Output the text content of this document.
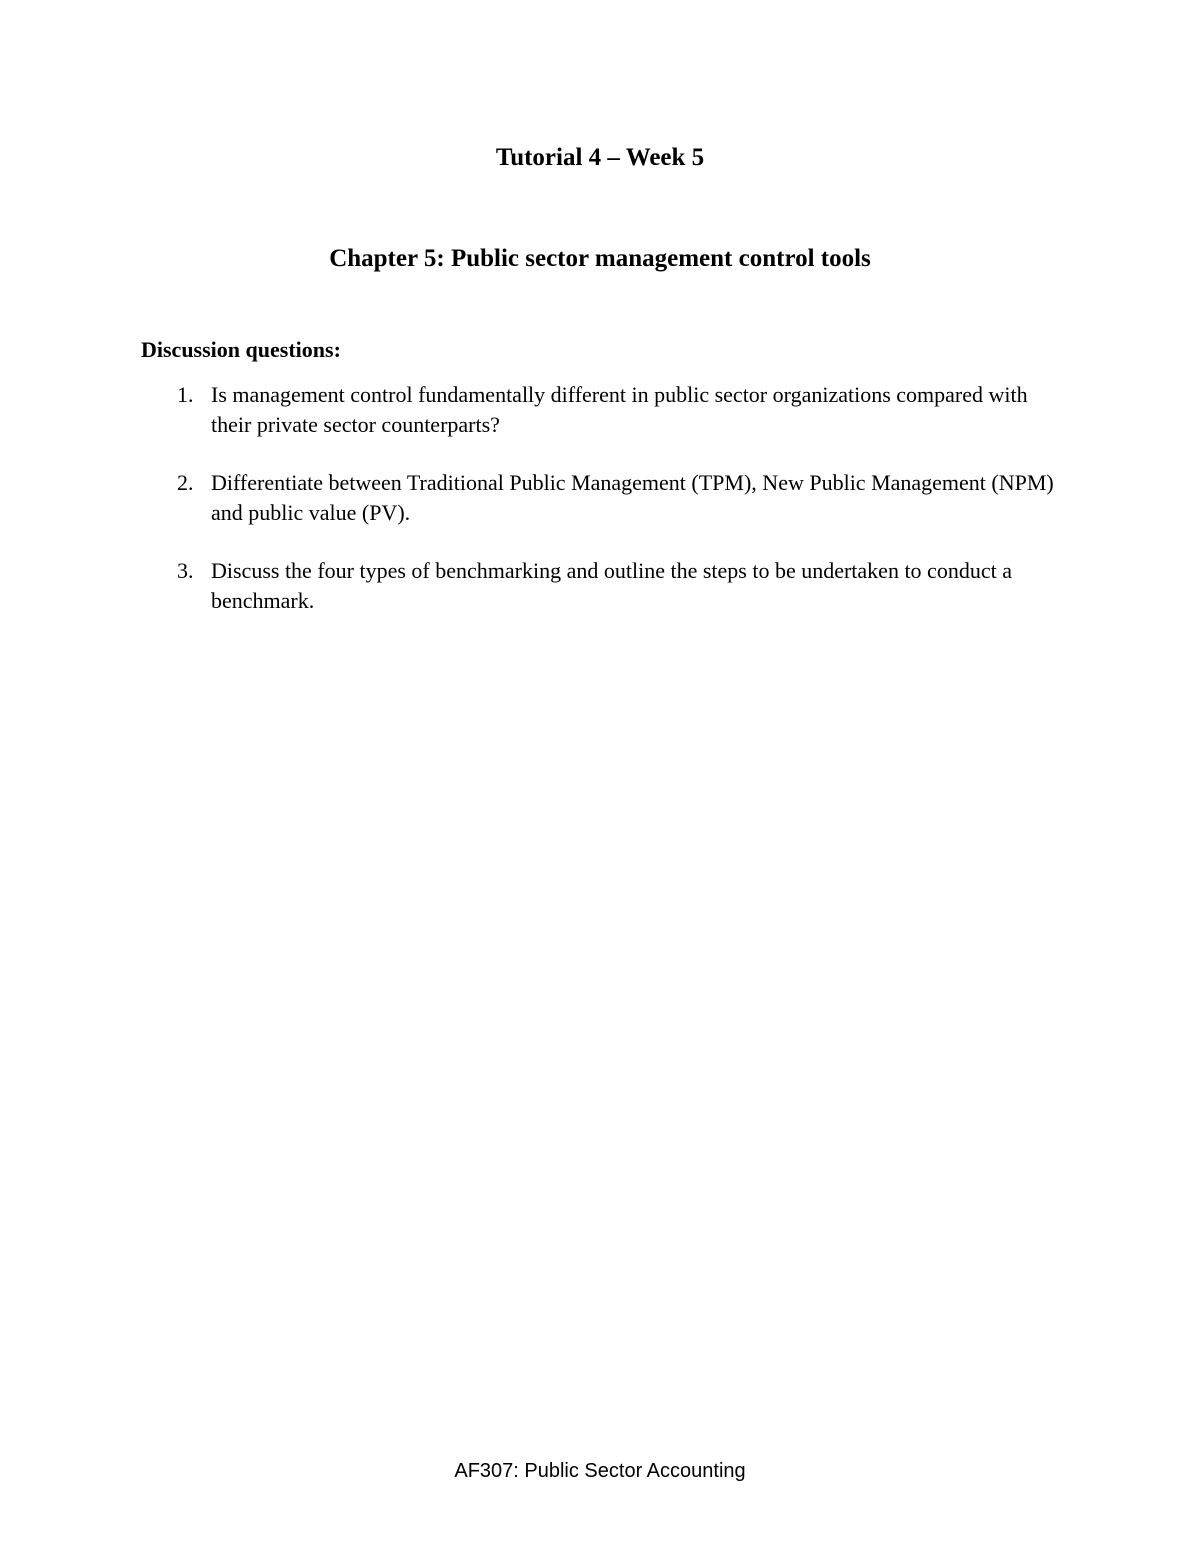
Tutorial 4 – Week 5
Chapter 5: Public sector management control tools
Discussion questions:
1. Is management control fundamentally different in public sector organizations compared with their private sector counterparts?
2. Differentiate between Traditional Public Management (TPM), New Public Management (NPM) and public value (PV).
3. Discuss the four types of benchmarking and outline the steps to be undertaken to conduct a benchmark.
AF307: Public Sector Accounting
